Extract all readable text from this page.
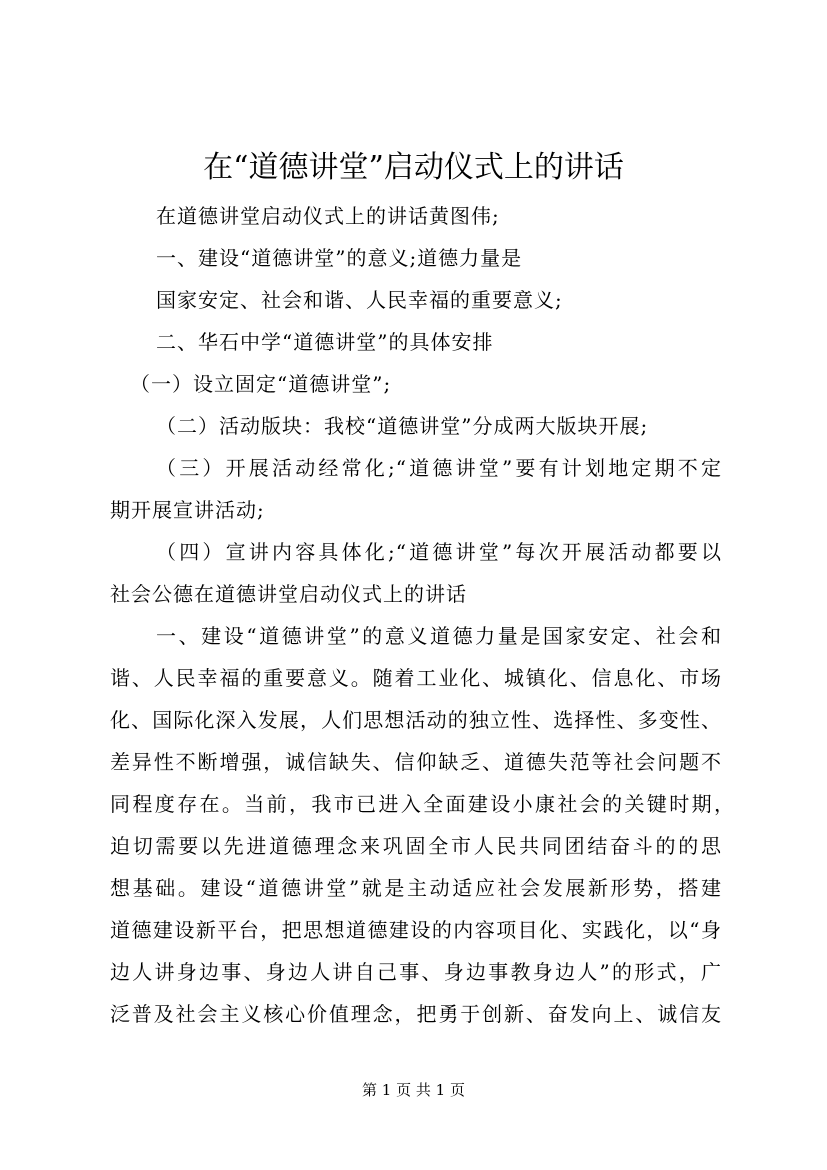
在“道德讲堂”启动仪式上的讲话
在道德讲堂启动仪式上的讲话黄图伟;
一、建设“道德讲堂”的意义;道德力量是
国家安定、社会和谐、人民幸福的重要意义;
二、华石中学“道德讲堂”的具体安排
（一）设立固定“道德讲堂”;
（二）活动版块：我校“道德讲堂”分成两大版块开展;
（三）开展活动经常化;“道德讲堂”要有计划地定期不定
期开展宣讲活动;
（四）宣讲内容具体化;“道德讲堂”每次开展活动都要以
社会公德在道德讲堂启动仪式上的讲话
一、建设“道德讲堂”的意义道德力量是国家安定、社会和
谐、人民幸福的重要意义。随着工业化、城镇化、信息化、市场
化、国际化深入发展，人们思想活动的独立性、选择性、多变性、
差异性不断增强，诚信缺失、信仰缺乏、道德失范等社会问题不
同程度存在。当前，我市已进入全面建设小康社会的关键时期，
迫切需要以先进道德理念来巩固全市人民共同团结奋斗的的思
想基础。建设“道德讲堂”就是主动适应社会发展新形势，搭建
道德建设新平台，把思想道德建设的内容项目化、实践化，以“身
边人讲身边事、身边人讲自己事、身边事教身边人”的形式，广
泛普及社会主义核心价值理念，把勇于创新、奋发向上、诚信友
第 1 页 共 1 页
